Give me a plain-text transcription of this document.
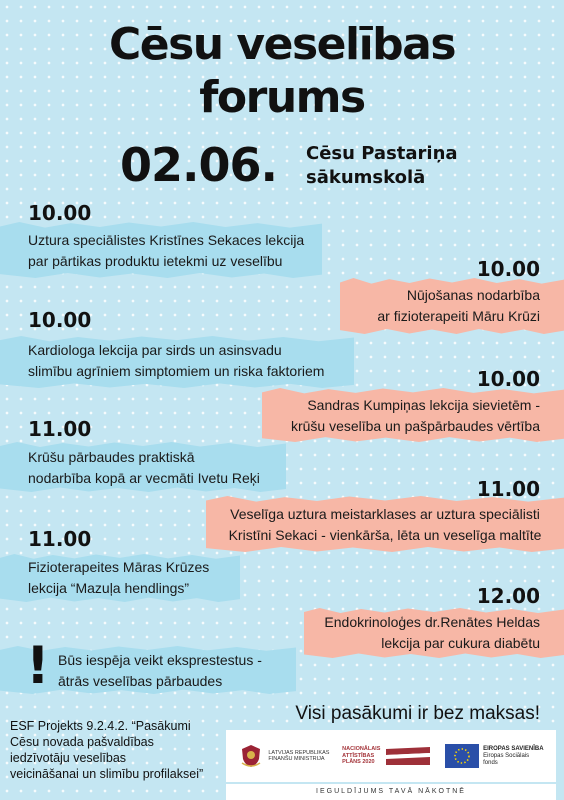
Cēsu veselības
forums
02.06. Cēsu Pastariņa
sākumskolā
10.00
Uztura speciālistes Kristīnes Sekaces lekcija
par pārtikas produktu ietekmi uz veselību	10.00
Nūjošanas nodarbība
ar fizioterapeiti Māru Krūzi
10.00
Kardiologa lekcija par sirds un asinsvadu
slimību agrīniem simptomiem un riska faktoriem	10.00
Sandras Kumpiņas lekcija sievietēm -
krūšu veselība un pašpārbaudes vērtība
11.00
Krūšu pārbaudes praktiskā
nodarbība kopā ar vecmāti Ivetu Reķi	11.00
Veselīga uztura meistarklases ar uztura speciālisti
Kristīni Sekaci - vienkārša, lēta un veselīga maltīte
11.00
Fizioterapeites Māras Krūzes
lekcija “Mazuļa hendlings”	12.00
Endokrinoloģes dr.Renātes Heldas
lekcija par cukura diabētu
! Būs iespēja veikt eksprestestus -
ātrās veselības pārbaudes
ESF Projekts 9.2.4.2. “Pasākumi
Cēsu novada pašvaldības
iedzīvotāju veselības
veicināšanai un slimību profilaksei”
Visi pasākumi ir bez maksas!
LATVIJAS REPUBLIKAS
FINANŠU MINISTRIJA
NACIONĀLAIS
ATTĪSTĪBAS
PLĀNS 2020
EIROPAS SAVIENĪBA
Eiropas Sociālais
fonds
IEGULDĪJUMS TAVĀ NĀKOTNĒ
